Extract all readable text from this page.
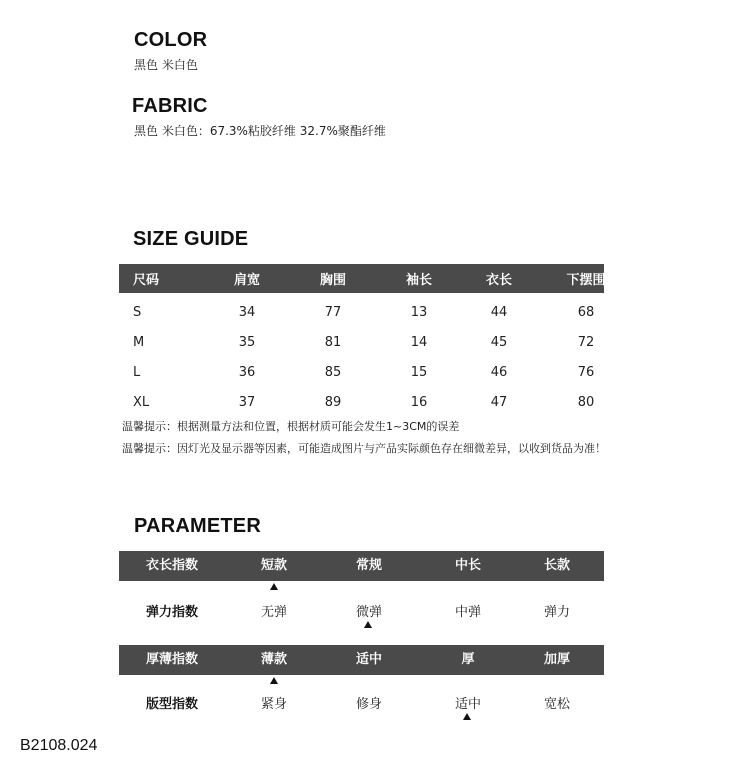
COLOR
黑色 米白色
FABRIC
黑色 米白色：67.3%粘胶纤维 32.7%聚酯纤维
SIZE GUIDE
尺码	肩宽	胸围	袖长	衣长	下摆围
S	34	77	13	44	68
M	35	81	14	45	72
L	36	85	15	46	76
XL	37	89	16	47	80
温馨提示：根据测量方法和位置，根据材质可能会发生1~3CM的误差
温馨提示：因灯光及显示器等因素，可能造成图片与产品实际颜色存在细微差异，以收到货品为准！
PARAMETER
衣长指数	短款	常规	中长	长款
弹力指数	无弹	微弹	中弹	弹力
厚薄指数	薄款	适中	厚	加厚
版型指数	紧身	修身	适中	宽松
B2108.024
